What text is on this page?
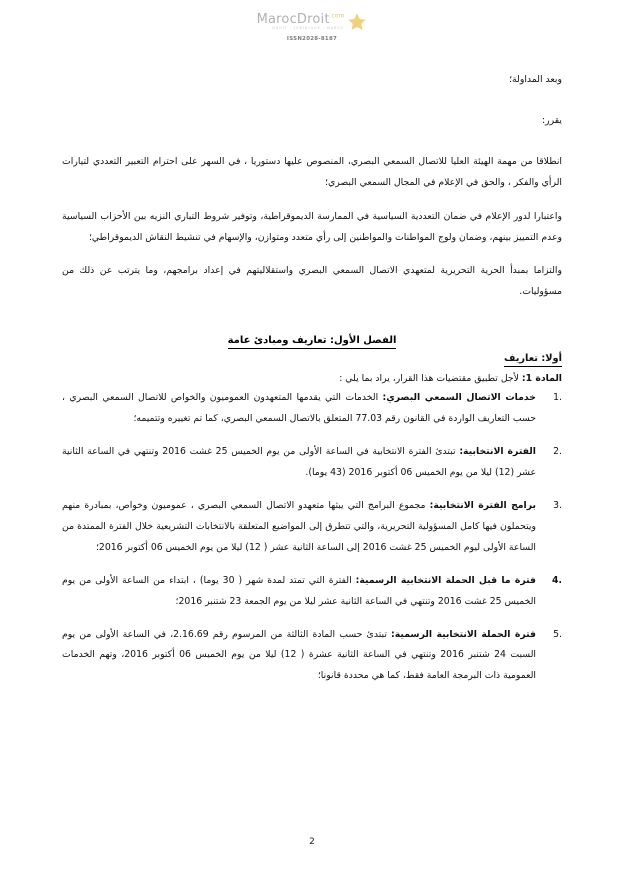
MarocDroit$^{.com}$
DROIT · JURIDIQUE · MAROC
ISSN2028-8187

وبعد المداولة؛

يقرر:

انطلاقا من مهمة الهيئة العليا للاتصال السمعي البصري، المنصوص عليها دستوريا ، في السهر على احترام التعبير التعددي لتيارات الرأي والفكر ، والحق في الإعلام في المجال السمعي البصري؛

واعتبارا لدور الإعلام في ضمان التعددية السياسية في الممارسة الديموقراطية، وتوفير شروط التباري النزيه بين الأحزاب السياسية وعدم التمييز بينهم، وضمان ولوج المواطنات والمواطنين إلى رأي متعدد ومتوازن، والإسهام في تنشيط النقاش الديموقراطي؛

والتزاما بمبدأ الحرية التحريرية لمتعهدي الاتصال السمعي البصري واستقلاليتهم في إعداد برامجهم، وما يترتب عن ذلك من مسؤوليات.

الفصل الأول: تعاريف ومبادئ عامة

أولا: تعاريف

المادة 1: لأجل تطبيق مقتضيات هذا القرار، يراد بما يلي :

1.
خدمات الاتصال السمعي البصري: الخدمات التي يقدمها المتعهدون العموميون والخواص للاتصال السمعي البصري ، حسب التعاريف الواردة في القانون رقم 77.03 المتعلق بالاتصال السمعي البصري، كما تم تغييره وتتميمه؛
2.
الفترة الانتخابية: تبتدئ الفترة الانتخابية في الساعة الأولى من يوم الخميس 25 غشت 2016 وتنتهي في الساعة الثانية عشر (12) ليلا من يوم الخميس 06 أكتوبر 2016 (43 يوما).
3.
برامج الفترة الانتخابية: مجموع البرامج التي يبثها متعهدو الاتصال السمعي البصري ، عموميون وخواص، بمبادرة منهم ويتحملون فيها كامل المسؤولية التحريرية، والتي تتطرق إلى المواضيع المتعلقة بالانتخابات التشريعية خلال الفترة الممتدة من الساعة الأولى ليوم الخميس 25 غشت 2016 إلى الساعة الثانية عشر ( 12) ليلا من يوم الخميس 06 أكتوبر 2016؛
4.
فترة ما قبل الحملة الانتخابية الرسمية: الفترة التي تمتد لمدة شهر ( 30 يوما) ، ابتداء من الساعة الأولى من يوم الخميس 25 غشت 2016 وتنتهي في الساعة الثانية عشر ليلا من يوم الجمعة 23 شتنبر 2016؛
5.
فترة الحملة الانتخابية الرسمية: تبتدئ حسب المادة الثالثة من المرسوم رقم 2.16.69، في الساعة الأولى من يوم السبت 24 شتنبر 2016 وتنتهي في الساعة الثانية عشرة ( 12) ليلا من يوم الخميس 06 أكتوبر 2016، وتهم الخدمات العمومية ذات البرمجة العامة فقط، كما هي محددة قانونا؛
2
